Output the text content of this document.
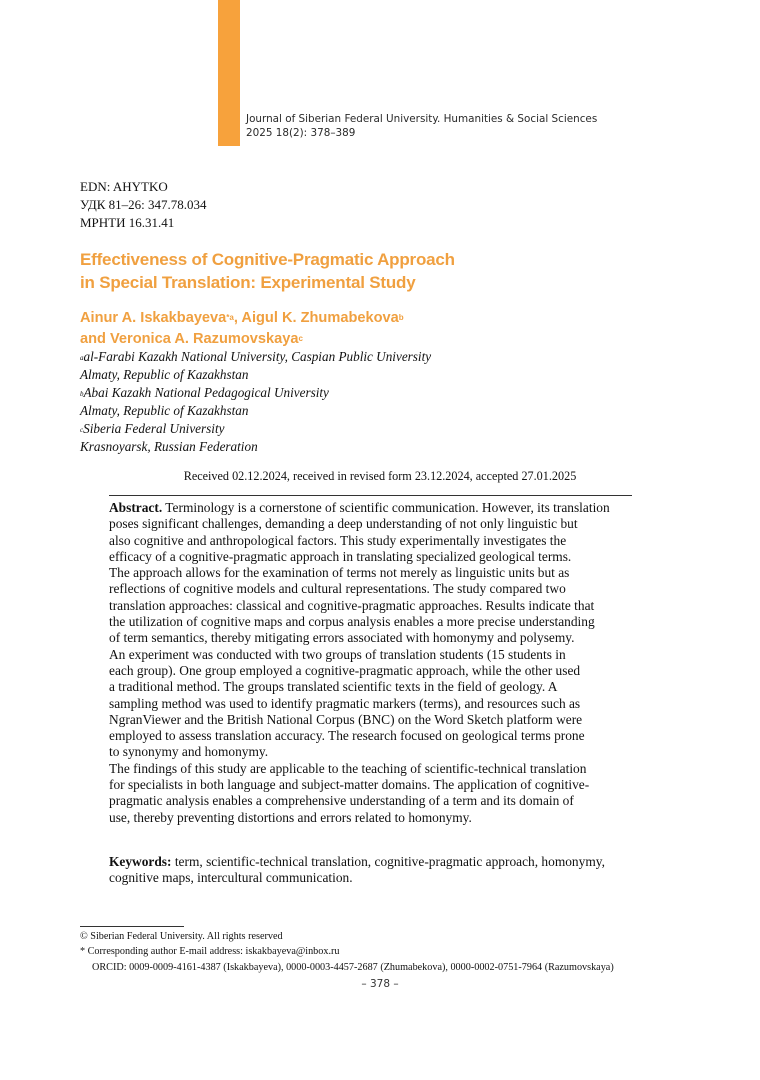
Journal of Siberian Federal University. Humanities & Social Sciences
2025 18(2): 378–389
EDN: AHYTKO
УДК 81–26: 347.78.034
МРНТИ 16.31.41
Effectiveness of Cognitive-Pragmatic Approach
in Special Translation: Experimental Study
Ainur A. Iskakbayeva$^{*a}$, Aigul K. Zhumabekova$^b$
and Veronica A. Razumovskaya$^c$
$^a$al-Farabi Kazakh National University, Caspian Public University
Almaty, Republic of Kazakhstan
$^b$Abai Kazakh National Pedagogical University
Almaty, Republic of Kazakhstan
$^c$Siberia Federal University
Krasnoyarsk, Russian Federation
Received 02.12.2024, received in revised form 23.12.2024, accepted 27.01.2025

Abstract. Terminology is a cornerstone of scientific communication. However, its translation
poses significant challenges, demanding a deep understanding of not only linguistic but
also cognitive and anthropological factors. This study experimentally investigates the
efficacy of a cognitive-pragmatic approach in translating specialized geological terms.
The approach allows for the examination of terms not merely as linguistic units but as
reflections of cognitive models and cultural representations. The study compared two
translation approaches: classical and cognitive-pragmatic approaches. Results indicate that
the utilization of cognitive maps and corpus analysis enables a more precise understanding
of term semantics, thereby mitigating errors associated with homonymy and polysemy.
An experiment was conducted with two groups of translation students (15 students in
each group). One group employed a cognitive-pragmatic approach, while the other used
a traditional method. The groups translated scientific texts in the field of geology. A
sampling method was used to identify pragmatic markers (terms), and resources such as
NgranViewer and the British National Corpus (BNC) on the Word Sketch platform were
employed to assess translation accuracy. The research focused on geological terms prone
to synonymy and homonymy.

The findings of this study are applicable to the teaching of scientific-technical translation
for specialists in both language and subject-matter domains. The application of cognitive-
pragmatic analysis enables a comprehensive understanding of a term and its domain of
use, thereby preventing distortions and errors related to homonymy.

Keywords: term, scientific-technical translation, cognitive-pragmatic approach, homonymy,
cognitive maps, intercultural communication.
© Siberian Federal University. All rights reserved
* Corresponding author E-mail address: iskakbayeva@inbox.ru
ORCID: 0009-0009-4161-4387 (Iskakbayeva), 0000-0003-4457-2687 (Zhumabekova), 0000-0002-0751-7964 (Razumovskaya)
– 378 –
